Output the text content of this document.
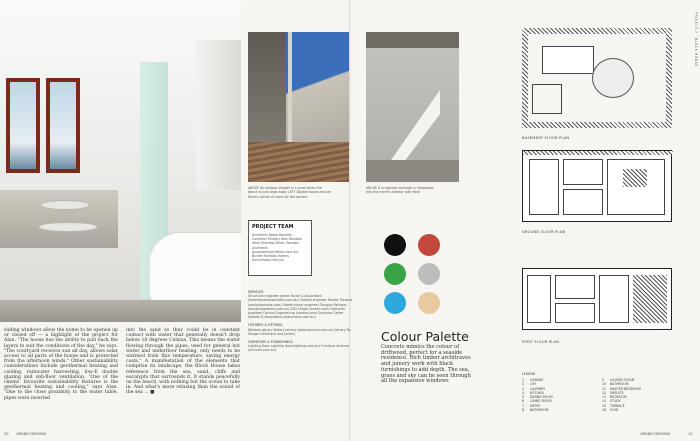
ABOVE An outdoor shower is a must when the beach is just steps away LEFT Double basins ensure there's plenty of room for the owners
ABOVE A sculptural staircase is integrated into the home's interior with ease
sliding windows allow the home to be opened up or closed off — a highlight of the project for Alan. "The house has the ability to pull back the layers to suit the conditions of the day," he says. "The courtyard receives sun all day, allows solar access to all parts of the house and is protected from the afternoon winds." Other sustainability considerations include geothermal heating and cooling, rainwater harvesting, low-E double glazing and sub-floor ventilation. "One of the clients' favourite sustainability features is the geothermal heating and cooling," says Alan. "Due to the close proximity to the water table, pipes were inserted
into the sand so they could be in constant contact with water that generally doesn't drop below 18 degrees Celsius. This means the water flowing through the pipes, used for general hot water and underfloor heating, only needs to be warmed from this temperature, saving energy costs." A manifestation of the elements that comprise its landscape, the Block House takes reference from the sea, sand, cliffs and eucalypts that surrounds it. It stands peacefully on the beach, with nothing but the ocean to take in. And what's more relaxing than the sound of the sea ... ■
PROJECT TEAM
Architects Bodie Randals, Cosmhan Murphy Alex Randals; Irene Sheridan-Bilen; Randals Architects (gsrandalsarchitects.com.au) Builder Randals Homes (bmrandals.com.au)
SERVICES
Structural engineer James Taylor & Associates (jamestaylorassociates.com.au) Coastal engineer Worley Parsons (worleyparsons.com) Geotechnical engineer Douglas Partners (douglaspartners.com.au) ESD Lindall (lindall.com) Hydraulic engineer Cardno Engineering (cardno.com) Surveyor Carter Dowdle & Associates (cdasurveys.com.au)
FIXTURES & FITTINGS
Window joinery Bakers Joinery (bakersjoinery.com.au) Joinery By Design's Kitchens and Joinery
FURNITURE & FURNISHINGS
Lighting Town Lighting (townlighting.com.au) Furniture Arclinea (arclinea.com.au)
Colour Palette
Concrete mimics the colour of driftwood, perfect for a seaside residence. Rich timber architraves and joinery work with black furnishings to add depth. The sea, grass and sky can be seen through all the expansive windows
BASEMENT FLOOR PLAN
GROUND FLOOR PLAN
FIRST FLOOR PLAN
LEGEND
1 GARAGE
2 LIFT
3 LAUNDRY
4 KITCHEN
5 DINING ROOM
6 LIVING ROOM
7 ENTRY
8 BATHROOM
9 LOUNGE ROOM
10 BATHROOM
11 MASTER BEDROOM
12 ENSUITE
13 BEDROOM
14 STUDY
15 TERRACE
16 VOID
PROJECT 7 · BLOCK HOUSE
20 GRAND DESIGNS	GRAND DESIGNS	12
